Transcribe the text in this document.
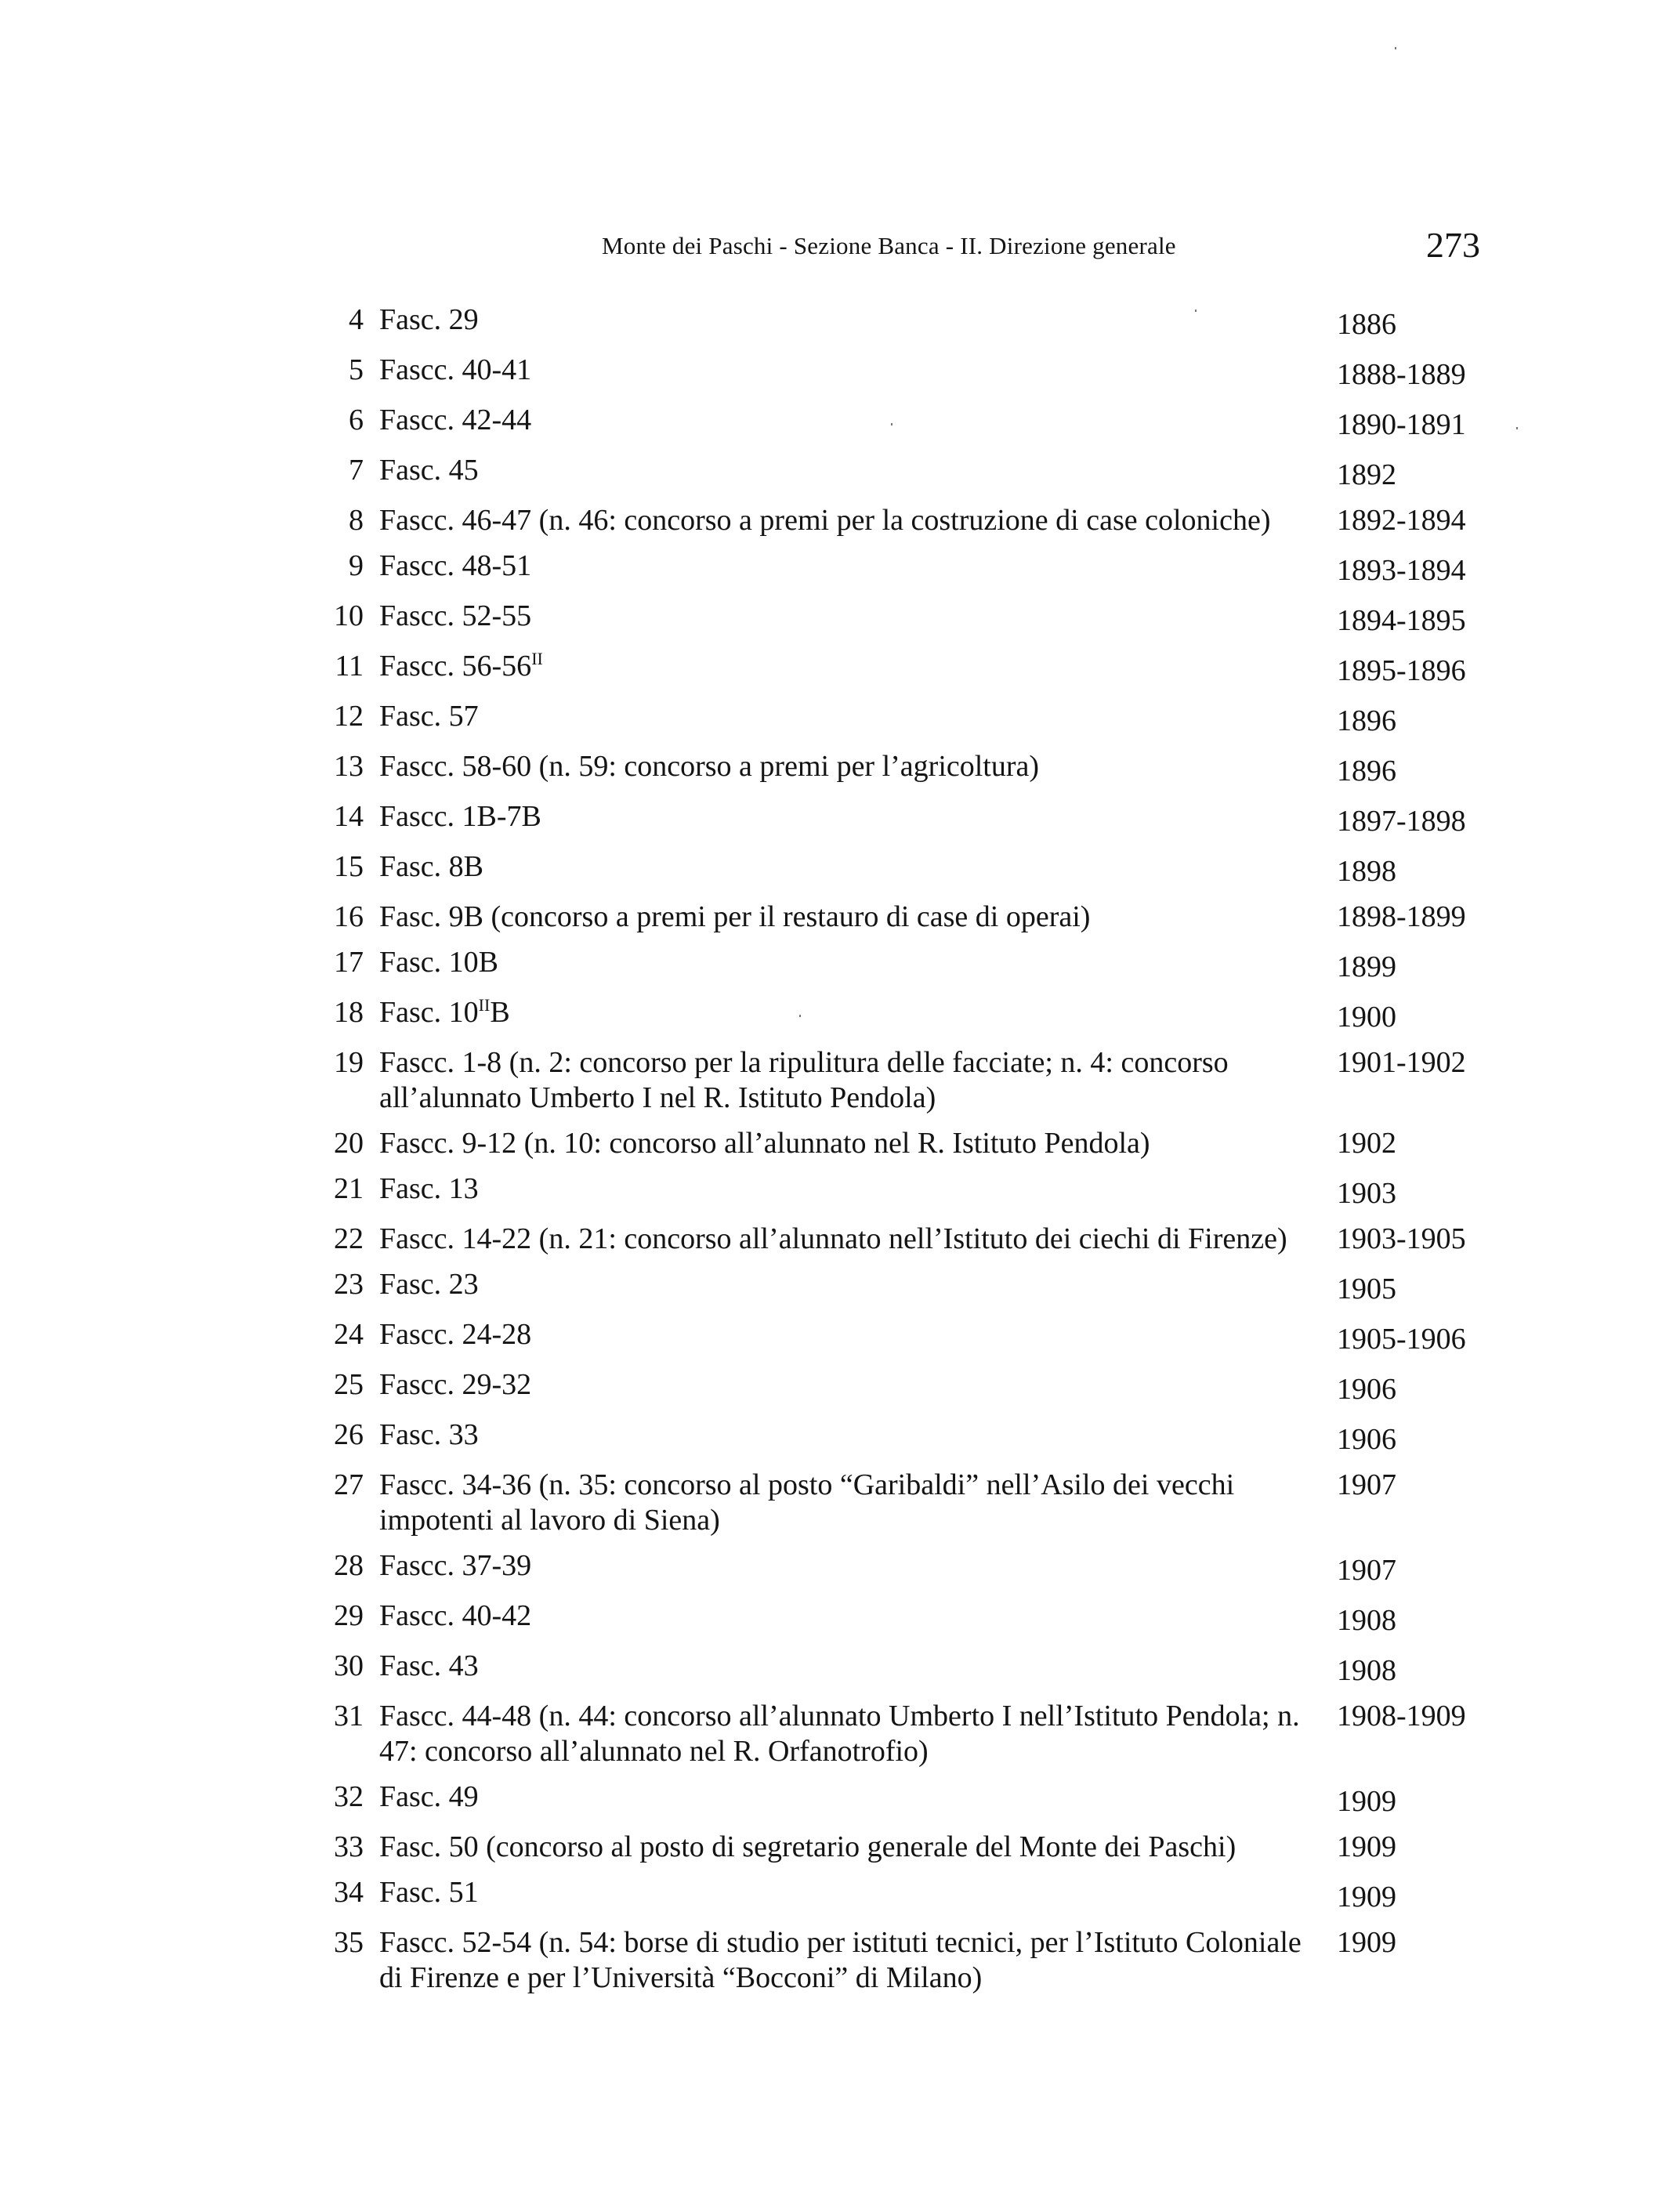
Monte dei Paschi - Sezione Banca - II. Direzione generale	273
4 Fasc. 29	1886
5 Fascc. 40-41	1888-1889
6 Fascc. 42-44	1890-1891
7 Fasc. 45	1892
8 Fascc. 46-47 (n. 46: concorso a premi per la costruzione di case coloniche)	1892-1894
9 Fascc. 48-51	1893-1894
10 Fascc. 52-55	1894-1895
11 Fascc. $56-56^{II}$	1895-1896
12 Fasc. 57	1896
13 Fascc. 58-60 (n. 59: concorso a premi per l’agricoltura)	1896
14 Fascc. 1B-7B	1897-1898
15 Fasc. 8B	1898
16 Fasc. 9B (concorso a premi per il restauro di case di operai)	1898-1899
17 Fasc. 10B	1899
18 Fasc. $10^{II}B$	1900
19 Fascc. 1-8 (n. 2: concorso per la ripulitura delle facciate; n. 4: concorso all’alunnato Umberto I nel R. Istituto Pendola)
1901-1902
20 Fascc. 9-12 (n. 10: concorso all’alunnato nel R. Istituto Pendola)	1902
21 Fasc. 13	1903
22 Fascc. 14-22 (n. 21: concorso all’alunnato nell’Istituto dei ciechi di Firenze)	1903-1905
23 Fasc. 23	1905
24 Fascc. 24-28	1905-1906
25 Fascc. 29-32	1906
26 Fasc. 33	1906
27 Fascc. 34-36 (n. 35: concorso al posto “Garibaldi” nell’Asilo dei vecchi impotenti al lavoro di Siena)
1907
28 Fascc. 37-39	1907
29 Fascc. 40-42	1908
30 Fasc. 43	1908
31 Fascc. 44-48 (n. 44: concorso all’alunnato Umberto I nell’Istituto Pendola; n. 47: concorso all’alunnato nel R. Orfanotrofio)
1908-1909
32 Fasc. 49	1909
33 Fasc. 50 (concorso al posto di segretario generale del Monte dei Paschi)	1909
34 Fasc. 51	1909
35 Fascc. 52-54 (n. 54: borse di studio per istituti tecnici, per l’Istituto Coloniale di Firenze e per l’Università “Bocconi” di Milano)
1909
